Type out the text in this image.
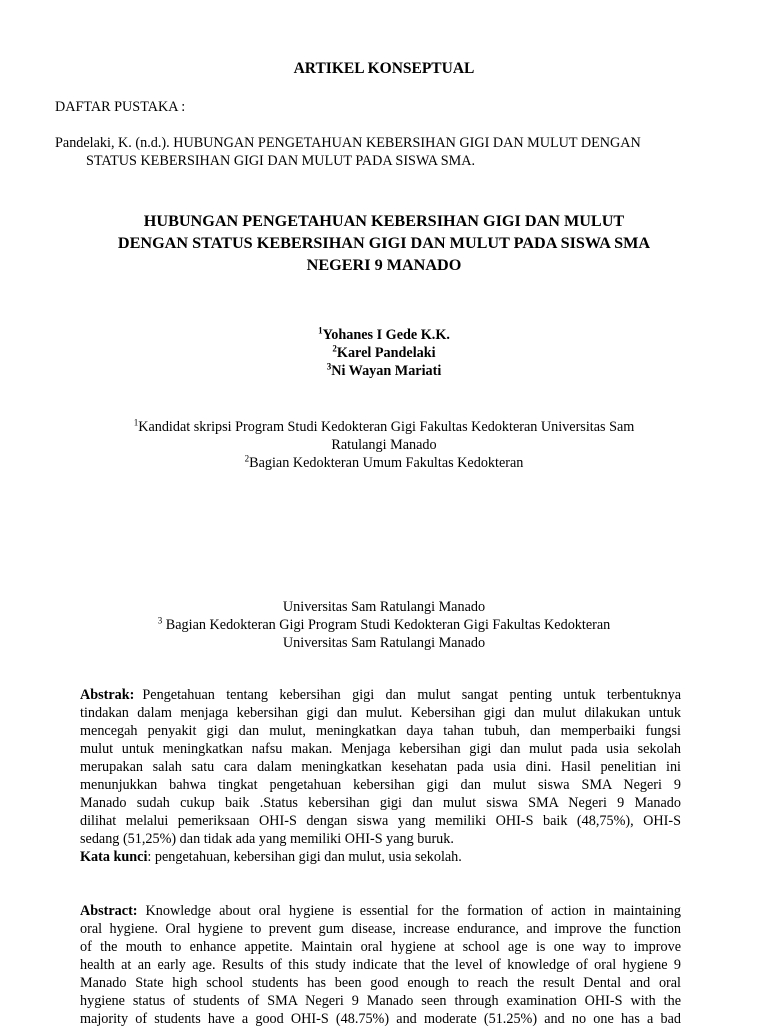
ARTIKEL KONSEPTUAL
DAFTAR PUSTAKA :
Pandelaki, K. (n.d.). HUBUNGAN PENGETAHUAN KEBERSIHAN GIGI DAN MULUT DENGAN
STATUS KEBERSIHAN GIGI DAN MULUT PADA SISWA SMA.
HUBUNGAN PENGETAHUAN KEBERSIHAN GIGI DAN MULUT
DENGAN STATUS KEBERSIHAN GIGI DAN MULUT PADA SISWA SMA
NEGERI 9 MANADO
$^1$Yohanes I Gede K.K.
$^2$Karel Pandelaki
$^3$Ni Wayan Mariati
$^1$Kandidat skripsi Program Studi Kedokteran Gigi Fakultas Kedokteran Universitas Sam
Ratulangi Manado
$^2$Bagian Kedokteran Umum Fakultas Kedokteran
Universitas Sam Ratulangi Manado
$^3$ Bagian Kedokteran Gigi Program Studi Kedokteran Gigi Fakultas Kedokteran
Universitas Sam Ratulangi Manado
Abstrak: Pengetahuan tentang kebersihan gigi dan mulut sangat penting untuk terbentuknya
tindakan dalam menjaga kebersihan gigi dan mulut. Kebersihan gigi dan mulut dilakukan untuk
mencegah penyakit gigi dan mulut, meningkatkan daya tahan tubuh, dan memperbaiki fungsi
mulut untuk meningkatkan nafsu makan. Menjaga kebersihan gigi dan mulut pada usia sekolah
merupakan salah satu cara dalam meningkatkan kesehatan pada usia dini. Hasil penelitian ini
menunjukkan bahwa tingkat pengetahuan kebersihan gigi dan mulut siswa SMA Negeri 9
Manado sudah cukup baik .Status kebersihan gigi dan mulut siswa SMA Negeri 9 Manado
dilihat melalui pemeriksaan OHI-S dengan siswa yang memiliki OHI-S baik (48,75%), OHI-S
sedang (51,25%) dan tidak ada yang memiliki OHI-S yang buruk.
Kata kunci: pengetahuan, kebersihan gigi dan mulut, usia sekolah.
Abstract: Knowledge about oral hygiene is essential for the formation of action in maintaining
oral hygiene. Oral hygiene to prevent gum disease, increase endurance, and improve the function
of the mouth to enhance appetite. Maintain oral hygiene at school age is one way to improve
health at an early age. Results of this study indicate that the level of knowledge of oral hygiene 9
Manado State high school students has been good enough to reach the result Dental and oral
hygiene status of students of SMA Negeri 9 Manado seen through examination OHI-S with the
majority of students have a good OHI-S (48.75%) and moderate (51.25%) and no one has a bad
